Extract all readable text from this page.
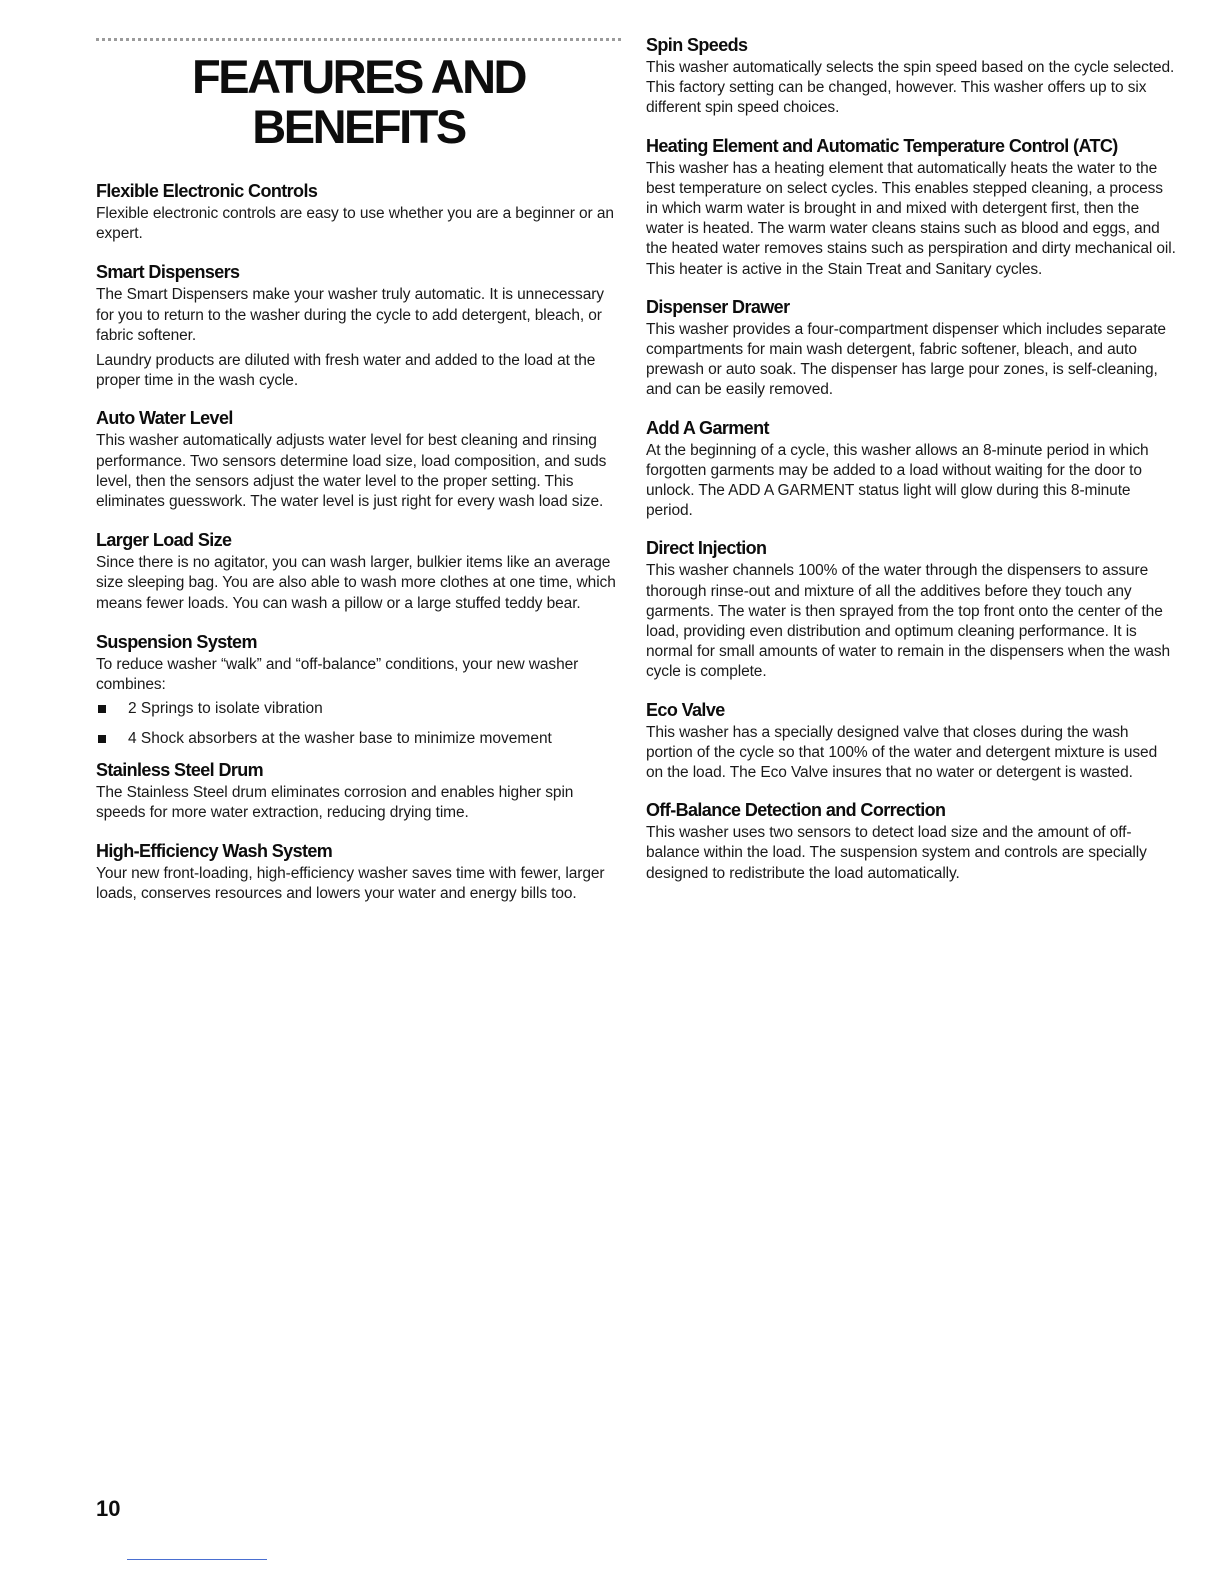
FEATURES AND
BENEFITS
Flexible Electronic Controls

Flexible electronic controls are easy to use whether you are a beginner or an expert.

Smart Dispensers

The Smart Dispensers make your washer truly automatic. It is unnecessary for you to return to the washer during the cycle to add detergent, bleach, or fabric softener.

Laundry products are diluted with fresh water and added to the load at the proper time in the wash cycle.

Auto Water Level

This washer automatically adjusts water level for best cleaning and rinsing performance. Two sensors determine load size, load composition, and suds level, then the sensors adjust the water level to the proper setting. This eliminates guesswork. The water level is just right for every wash load size.

Larger Load Size

Since there is no agitator, you can wash larger, bulkier items like an average size sleeping bag. You are also able to wash more clothes at one time, which means fewer loads. You can wash a pillow or a large stuffed teddy bear.

Suspension System

To reduce washer “walk” and “off-balance” conditions, your new washer combines:

2 Springs to isolate vibration
4 Shock absorbers at the washer base to minimize movement
Stainless Steel Drum

The Stainless Steel drum eliminates corrosion and enables higher spin speeds for more water extraction, reducing drying time.

High-Efficiency Wash System

Your new front-loading, high-efficiency washer saves time with fewer, larger loads, conserves resources and lowers your water and energy bills too.

Spin Speeds

This washer automatically selects the spin speed based on the cycle selected. This factory setting can be changed, however. This washer offers up to six different spin speed choices.

Heating Element and Automatic Temperature Control (ATC)

This washer has a heating element that automatically heats the water to the best temperature on select cycles. This enables stepped cleaning, a process in which warm water is brought in and mixed with detergent first, then the water is heated. The warm water cleans stains such as blood and eggs, and the heated water removes stains such as perspiration and dirty mechanical oil. This heater is active in the Stain Treat and Sanitary cycles.

Dispenser Drawer

This washer provides a four-compartment dispenser which includes separate compartments for main wash detergent, fabric softener, bleach, and auto prewash or auto soak. The dispenser has large pour zones, is self-cleaning, and can be easily removed.

Add A Garment

At the beginning of a cycle, this washer allows an 8-minute period in which forgotten garments may be added to a load without waiting for the door to unlock. The ADD A GARMENT status light will glow during this 8-minute period.

Direct Injection

This washer channels 100% of the water through the dispensers to assure thorough rinse-out and mixture of all the additives before they touch any garments. The water is then sprayed from the top front onto the center of the load, providing even distribution and optimum cleaning performance. It is normal for small amounts of water to remain in the dispensers when the wash cycle is complete.

Eco Valve

This washer has a specially designed valve that closes during the wash portion of the cycle so that 100% of the water and detergent mixture is used on the load. The Eco Valve insures that no water or detergent is wasted.

Off-Balance Detection and Correction

This washer uses two sensors to detect load size and the amount of off-balance within the load. The suspension system and controls are specially designed to redistribute the load automatically.

10
